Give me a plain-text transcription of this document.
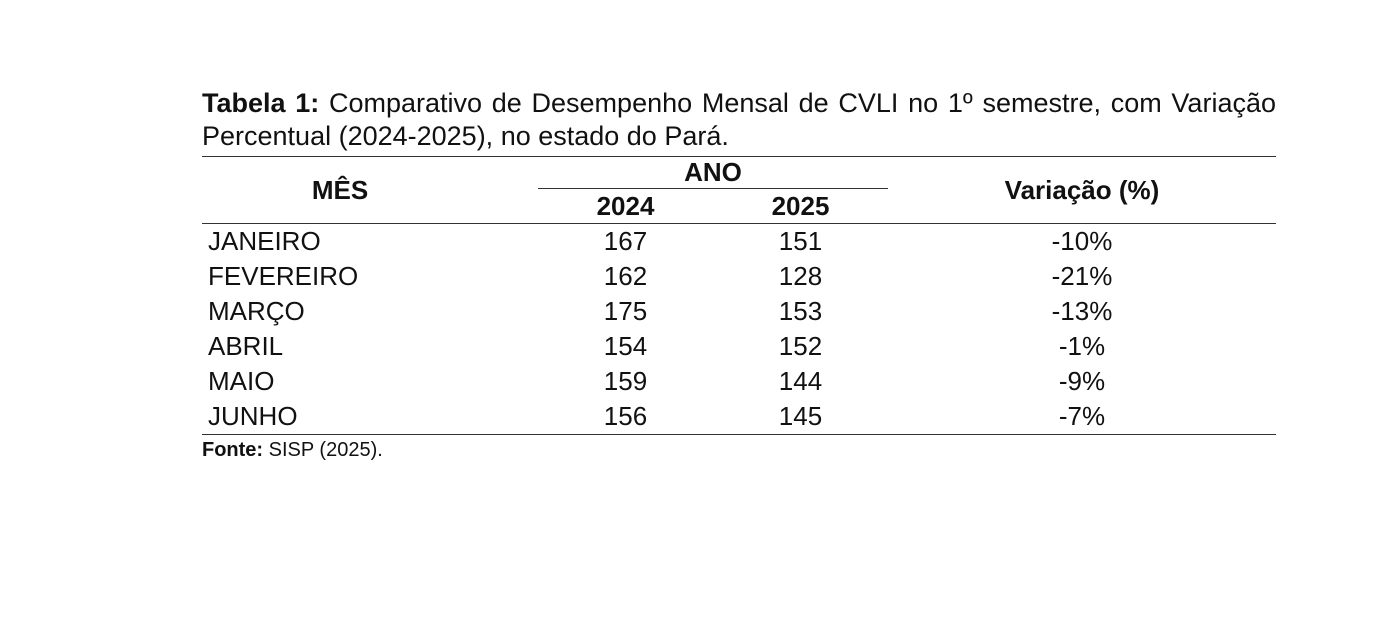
Tabela 1: Comparativo de Desempenho Mensal de CVLI no 1º semestre, com Variação Percentual (2024-2025), no estado do Pará.

MÊS	ANO		Variação (%)
	2024	2025	
JANEIRO	167	151	-10%
FEVEREIRO	162	128	-21%
MARÇO	175	153	-13%
ABRIL	154	152	-1%
MAIO	159	144	-9%
JUNHO	156	145	-7%
Fonte: SISP (2025).
